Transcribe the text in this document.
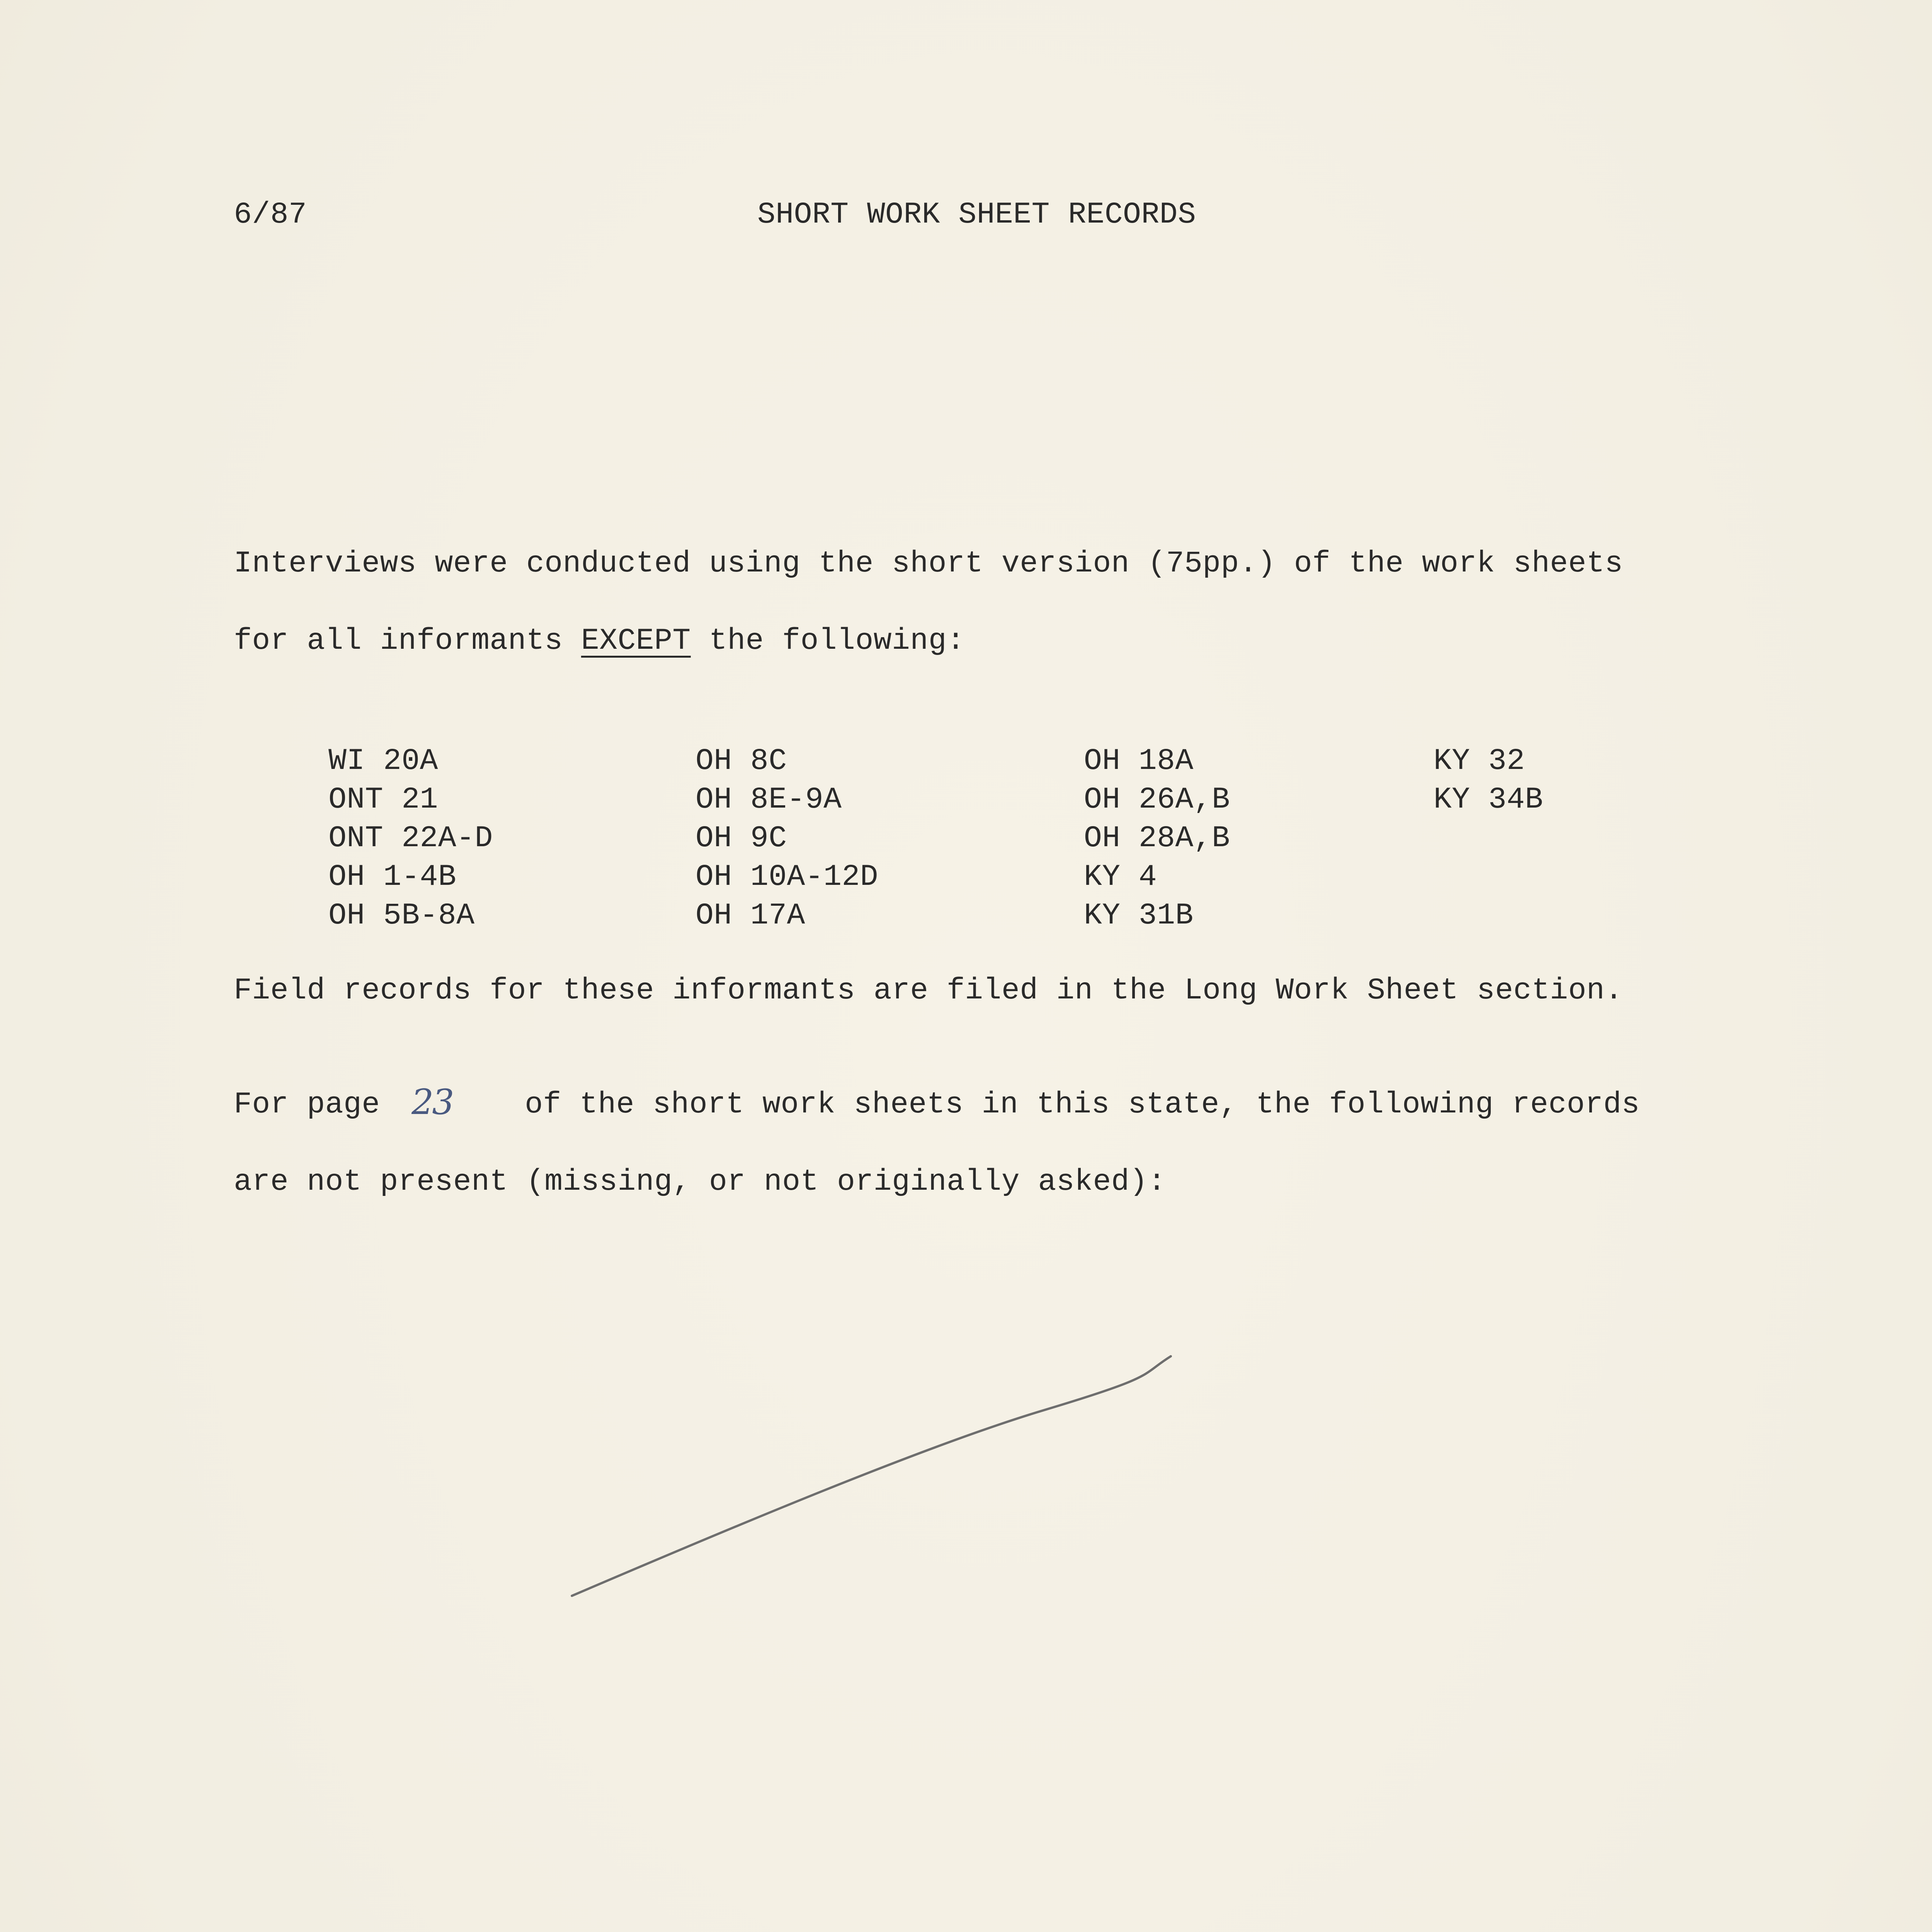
6/87	SHORT WORK SHEET RECORDS
Interviews were conducted using the short version (75pp.) of the work sheets
for all informants EXCEPT the following:
WI 20A
ONT 21
ONT 22A-D
OH 1-4B
OH 5B-8A
OH 8C
OH 8E-9A
OH 9C
OH 10A-12D
OH 17A
OH 18A
OH 26A,B
OH 28A,B
KY 4
KY 31B
KY 32
KY 34B
Field records for these informants are filed in the Long Work Sheet section.
For page	of the short work sheets in this state, the following records
23
are not present (missing, or not originally asked):
